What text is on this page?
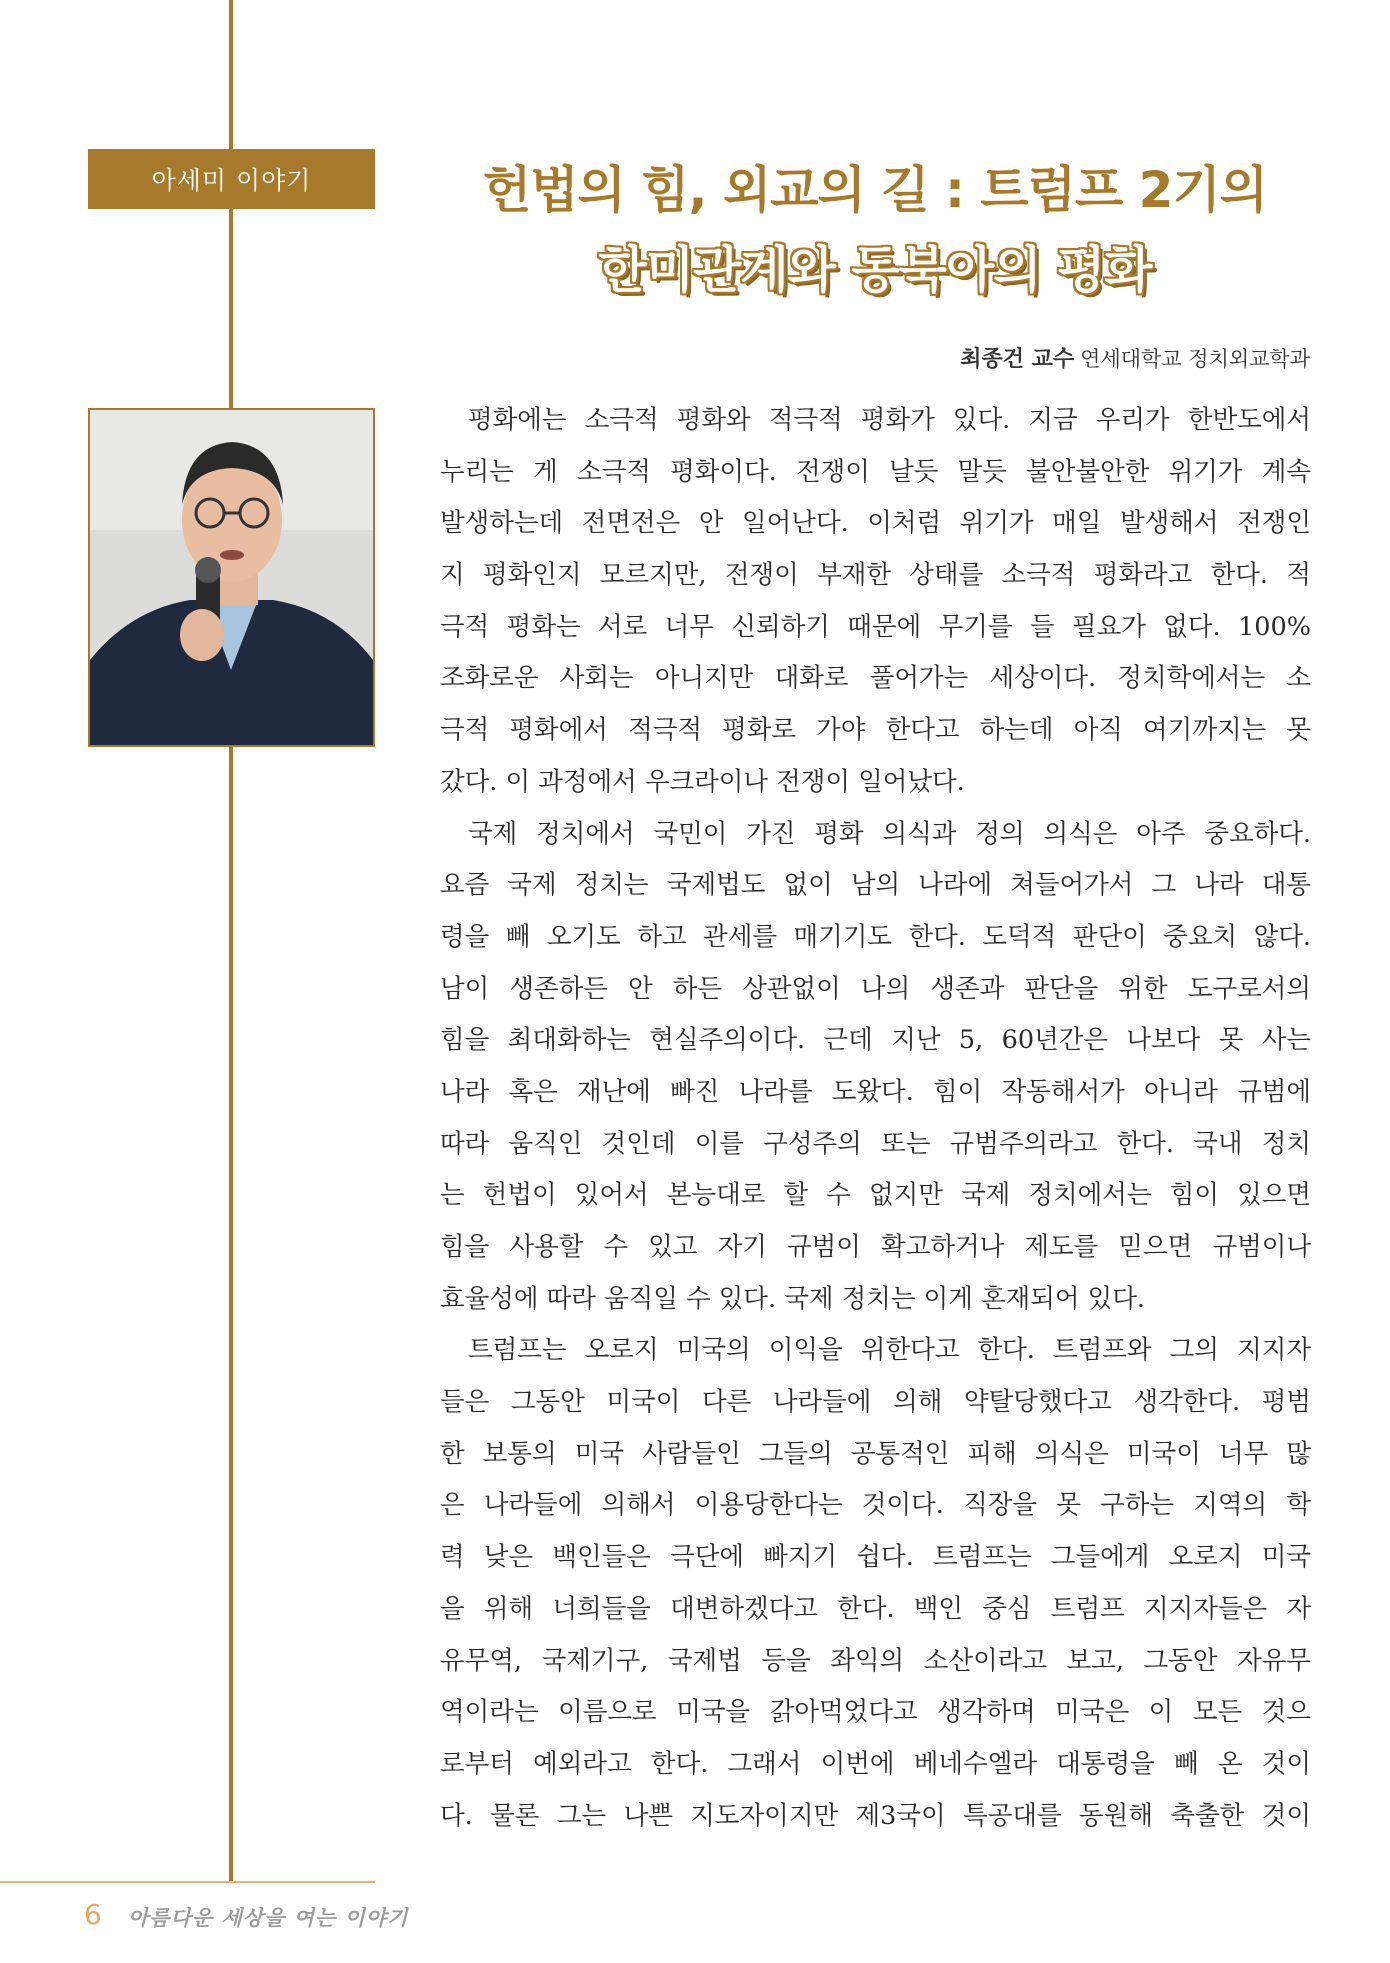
아세미 이야기	헌법의 힘, 외교의 길 : 트럼프 2기의
한미관계와 동북아의 평화
최종건 교수 연세대학교 정치외교학과
평화에는 소극적 평화와 적극적 평화가 있다. 지금 우리가 한반도에서
누리는 게 소극적 평화이다. 전쟁이 날듯 말듯 불안불안한 위기가 계속
발생하는데 전면전은 안 일어난다. 이처럼 위기가 매일 발생해서 전쟁인
지 평화인지 모르지만, 전쟁이 부재한 상태를 소극적 평화라고 한다. 적
극적 평화는 서로 너무 신뢰하기 때문에 무기를 들 필요가 없다. 100%
조화로운 사회는 아니지만 대화로 풀어가는 세상이다. 정치학에서는 소
극적 평화에서 적극적 평화로 가야 한다고 하는데 아직 여기까지는 못
갔다. 이 과정에서 우크라이나 전쟁이 일어났다.
국제 정치에서 국민이 가진 평화 의식과 정의 의식은 아주 중요하다.
요즘 국제 정치는 국제법도 없이 남의 나라에 쳐들어가서 그 나라 대통
령을 빼 오기도 하고 관세를 매기기도 한다. 도덕적 판단이 중요치 않다.
남이 생존하든 안 하든 상관없이 나의 생존과 판단을 위한 도구로서의
힘을 최대화하는 현실주의이다. 근데 지난 5, 60년간은 나보다 못 사는
나라 혹은 재난에 빠진 나라를 도왔다. 힘이 작동해서가 아니라 규범에
따라 움직인 것인데 이를 구성주의 또는 규범주의라고 한다. 국내 정치
는 헌법이 있어서 본능대로 할 수 없지만 국제 정치에서는 힘이 있으면
힘을 사용할 수 있고 자기 규범이 확고하거나 제도를 믿으면 규범이나
효율성에 따라 움직일 수 있다. 국제 정치는 이게 혼재되어 있다.
트럼프는 오로지 미국의 이익을 위한다고 한다. 트럼프와 그의 지지자
들은 그동안 미국이 다른 나라들에 의해 약탈당했다고 생각한다. 평범
한 보통의 미국 사람들인 그들의 공통적인 피해 의식은 미국이 너무 많
은 나라들에 의해서 이용당한다는 것이다. 직장을 못 구하는 지역의 학
력 낮은 백인들은 극단에 빠지기 쉽다. 트럼프는 그들에게 오로지 미국
을 위해 너희들을 대변하겠다고 한다. 백인 중심 트럼프 지지자들은 자
유무역, 국제기구, 국제법 등을 좌익의 소산이라고 보고, 그동안 자유무
역이라는 이름으로 미국을 갉아먹었다고 생각하며 미국은 이 모든 것으
로부터 예외라고 한다. 그래서 이번에 베네수엘라 대통령을 빼 온 것이
다. 물론 그는 나쁜 지도자이지만 제3국이 특공대를 동원해 축출한 것이
6 아름다운 세상을 여는 이야기
